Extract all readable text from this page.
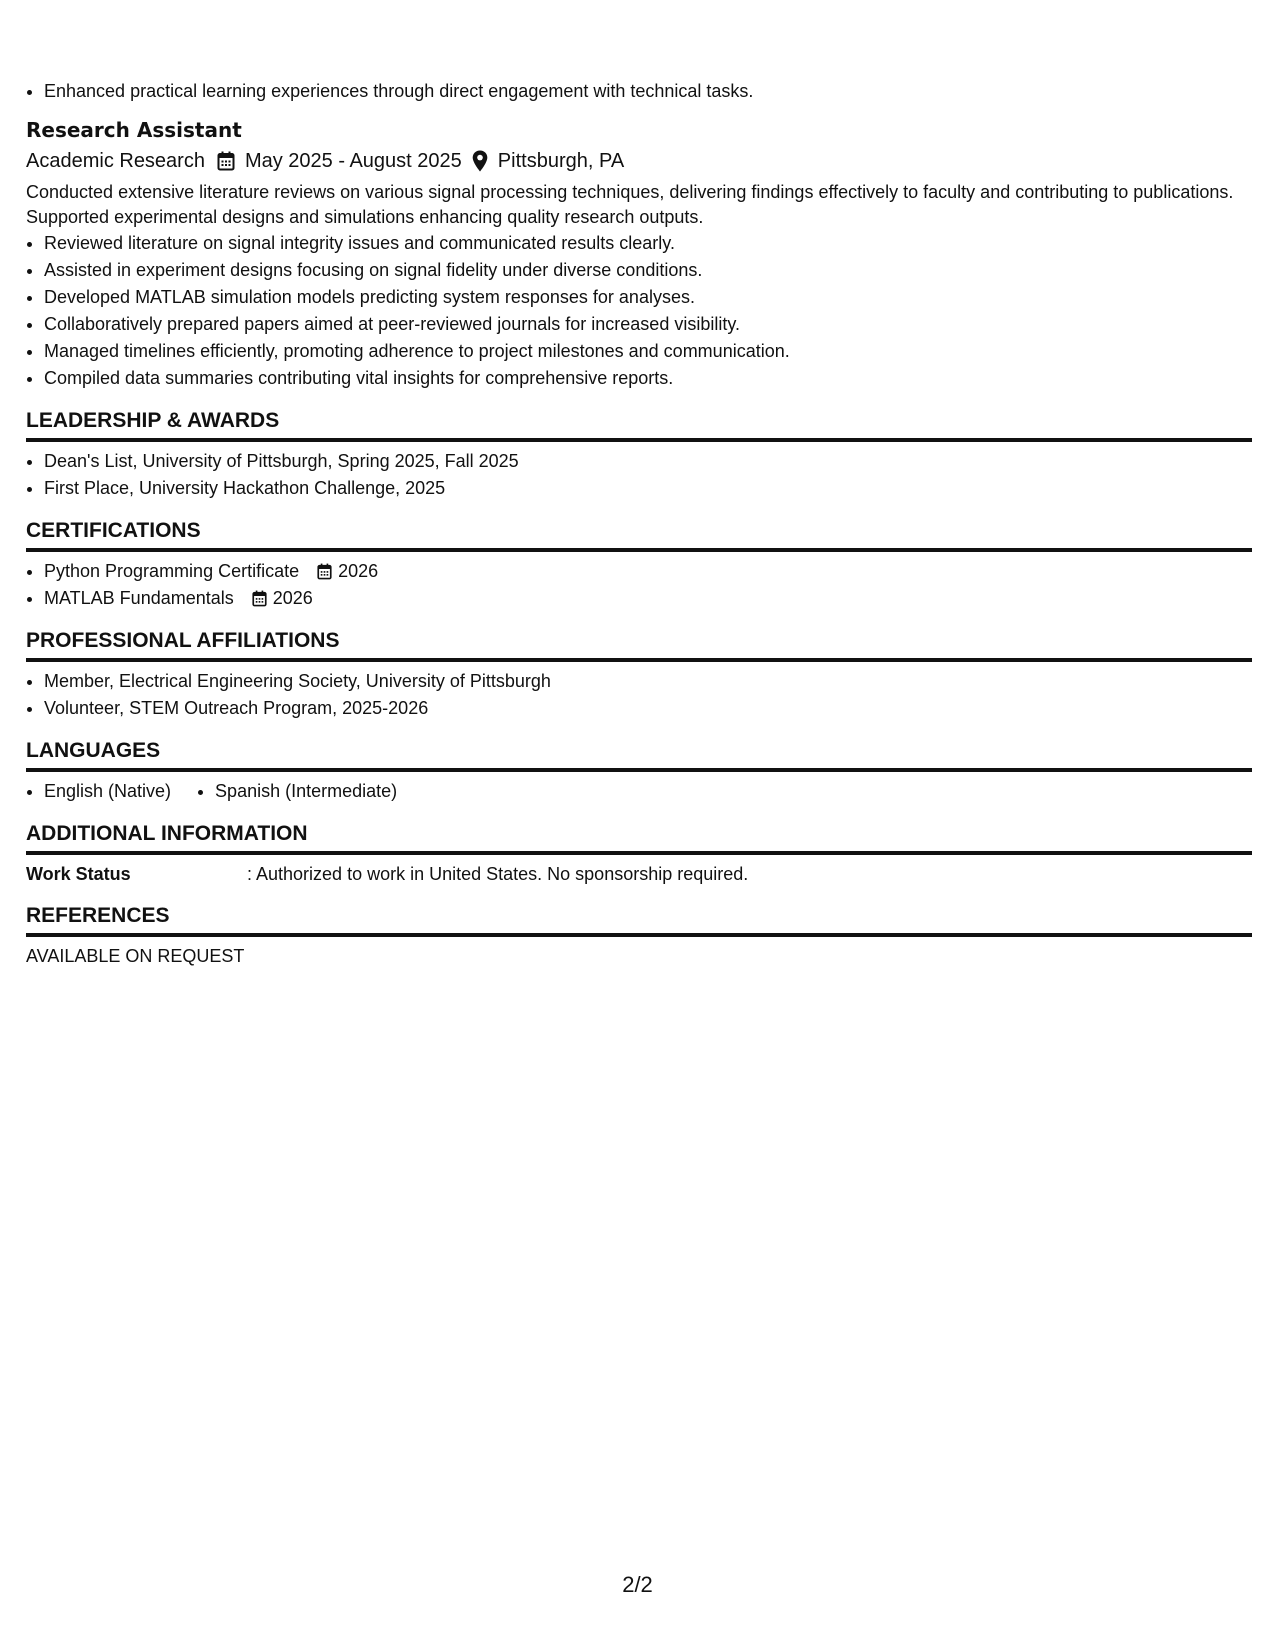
• Enhanced practical learning experiences through direct engagement with technical tasks.
Research Assistant
Academic Research May 2025 - August 2025 Pittsburgh, PA

Conducted extensive literature reviews on various signal processing techniques, delivering findings effectively to faculty and contributing to publications. Supported experimental designs and simulations enhancing quality research outputs.

• Reviewed literature on signal integrity issues and communicated results clearly.
• Assisted in experiment designs focusing on signal fidelity under diverse conditions.
• Developed MATLAB simulation models predicting system responses for analyses.
• Collaboratively prepared papers aimed at peer-reviewed journals for increased visibility.
• Managed timelines efficiently, promoting adherence to project milestones and communication.
• Compiled data summaries contributing vital insights for comprehensive reports.
LEADERSHIP & AWARDS
• Dean's List, University of Pittsburgh, Spring 2025, Fall 2025
• First Place, University Hackathon Challenge, 2025
CERTIFICATIONS
• Python Programming Certificate 2026
• MATLAB Fundamentals 2026
PROFESSIONAL AFFILIATIONS
• Member, Electrical Engineering Society, University of Pittsburgh
• Volunteer, STEM Outreach Program, 2025-2026
LANGUAGES
• English (Native)
• Spanish (Intermediate)
ADDITIONAL INFORMATION
Work Status	: Authorized to work in United States. No sponsorship required.
REFERENCES
AVAILABLE ON REQUEST
2/2
